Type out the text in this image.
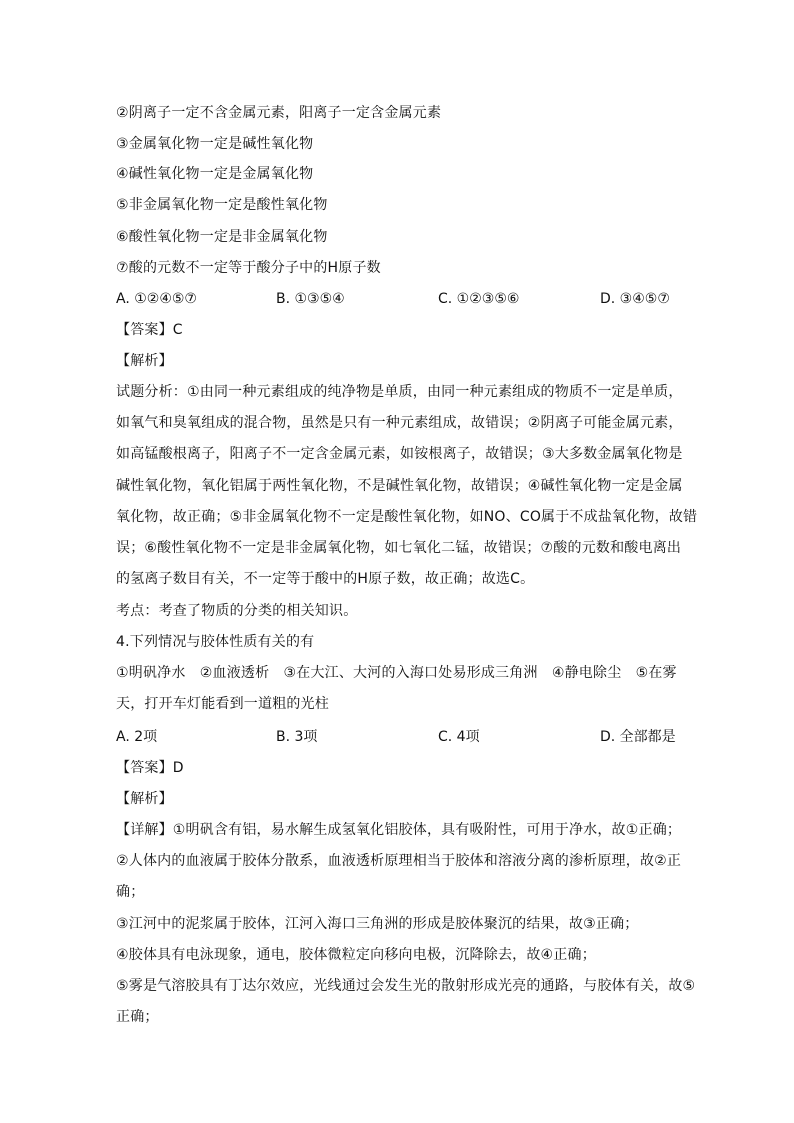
②阴离子一定不含金属元素，阳离子一定含金属元素
③金属氧化物一定是碱性氧化物
④碱性氧化物一定是金属氧化物
⑤非金属氧化物一定是酸性氧化物
⑥酸性氧化物一定是非金属氧化物
⑦酸的元数不一定等于酸分子中的H原子数
A. ①②④⑤⑦	B. ①③⑤④	C. ①②③⑤⑥	D. ③④⑤⑦
【答案】C
【解析】
试题分析：①由同一种元素组成的纯净物是单质，由同一种元素组成的物质不一定是单质，
如氧气和臭氧组成的混合物，虽然是只有一种元素组成，故错误；②阴离子可能金属元素，
如高锰酸根离子，阳离子不一定含金属元素，如铵根离子，故错误；③大多数金属氧化物是
碱性氧化物，氧化铝属于两性氧化物，不是碱性氧化物，故错误；④碱性氧化物一定是金属
氧化物，故正确；⑤非金属氧化物不一定是酸性氧化物，如NO、CO属于不成盐氧化物，故错
误；⑥酸性氧化物不一定是非金属氧化物，如七氧化二锰，故错误；⑦酸的元数和酸电离出
的氢离子数目有关，不一定等于酸中的H原子数，故正确；故选C。
考点：考查了物质的分类的相关知识。
4.下列情况与胶体性质有关的有
①明矾净水　②血液透析　③在大江、大河的入海口处易形成三角洲　④静电除尘　⑤在雾
天，打开车灯能看到一道粗的光柱
A. 2项	B. 3项	C. 4项	D. 全部都是
【答案】D
【解析】
【详解】①明矾含有铝，易水解生成氢氧化铝胶体，具有吸附性，可用于净水，故①正确；
②人体内的血液属于胶体分散系，血液透析原理相当于胶体和溶液分离的渗析原理，故②正
确；
③江河中的泥浆属于胶体，江河入海口三角洲的形成是胶体聚沉的结果，故③正确；
④胶体具有电泳现象，通电，胶体微粒定向移向电极，沉降除去，故④正确；
⑤雾是气溶胶具有丁达尔效应，光线通过会发生光的散射形成光亮的通路，与胶体有关，故⑤
正确；
